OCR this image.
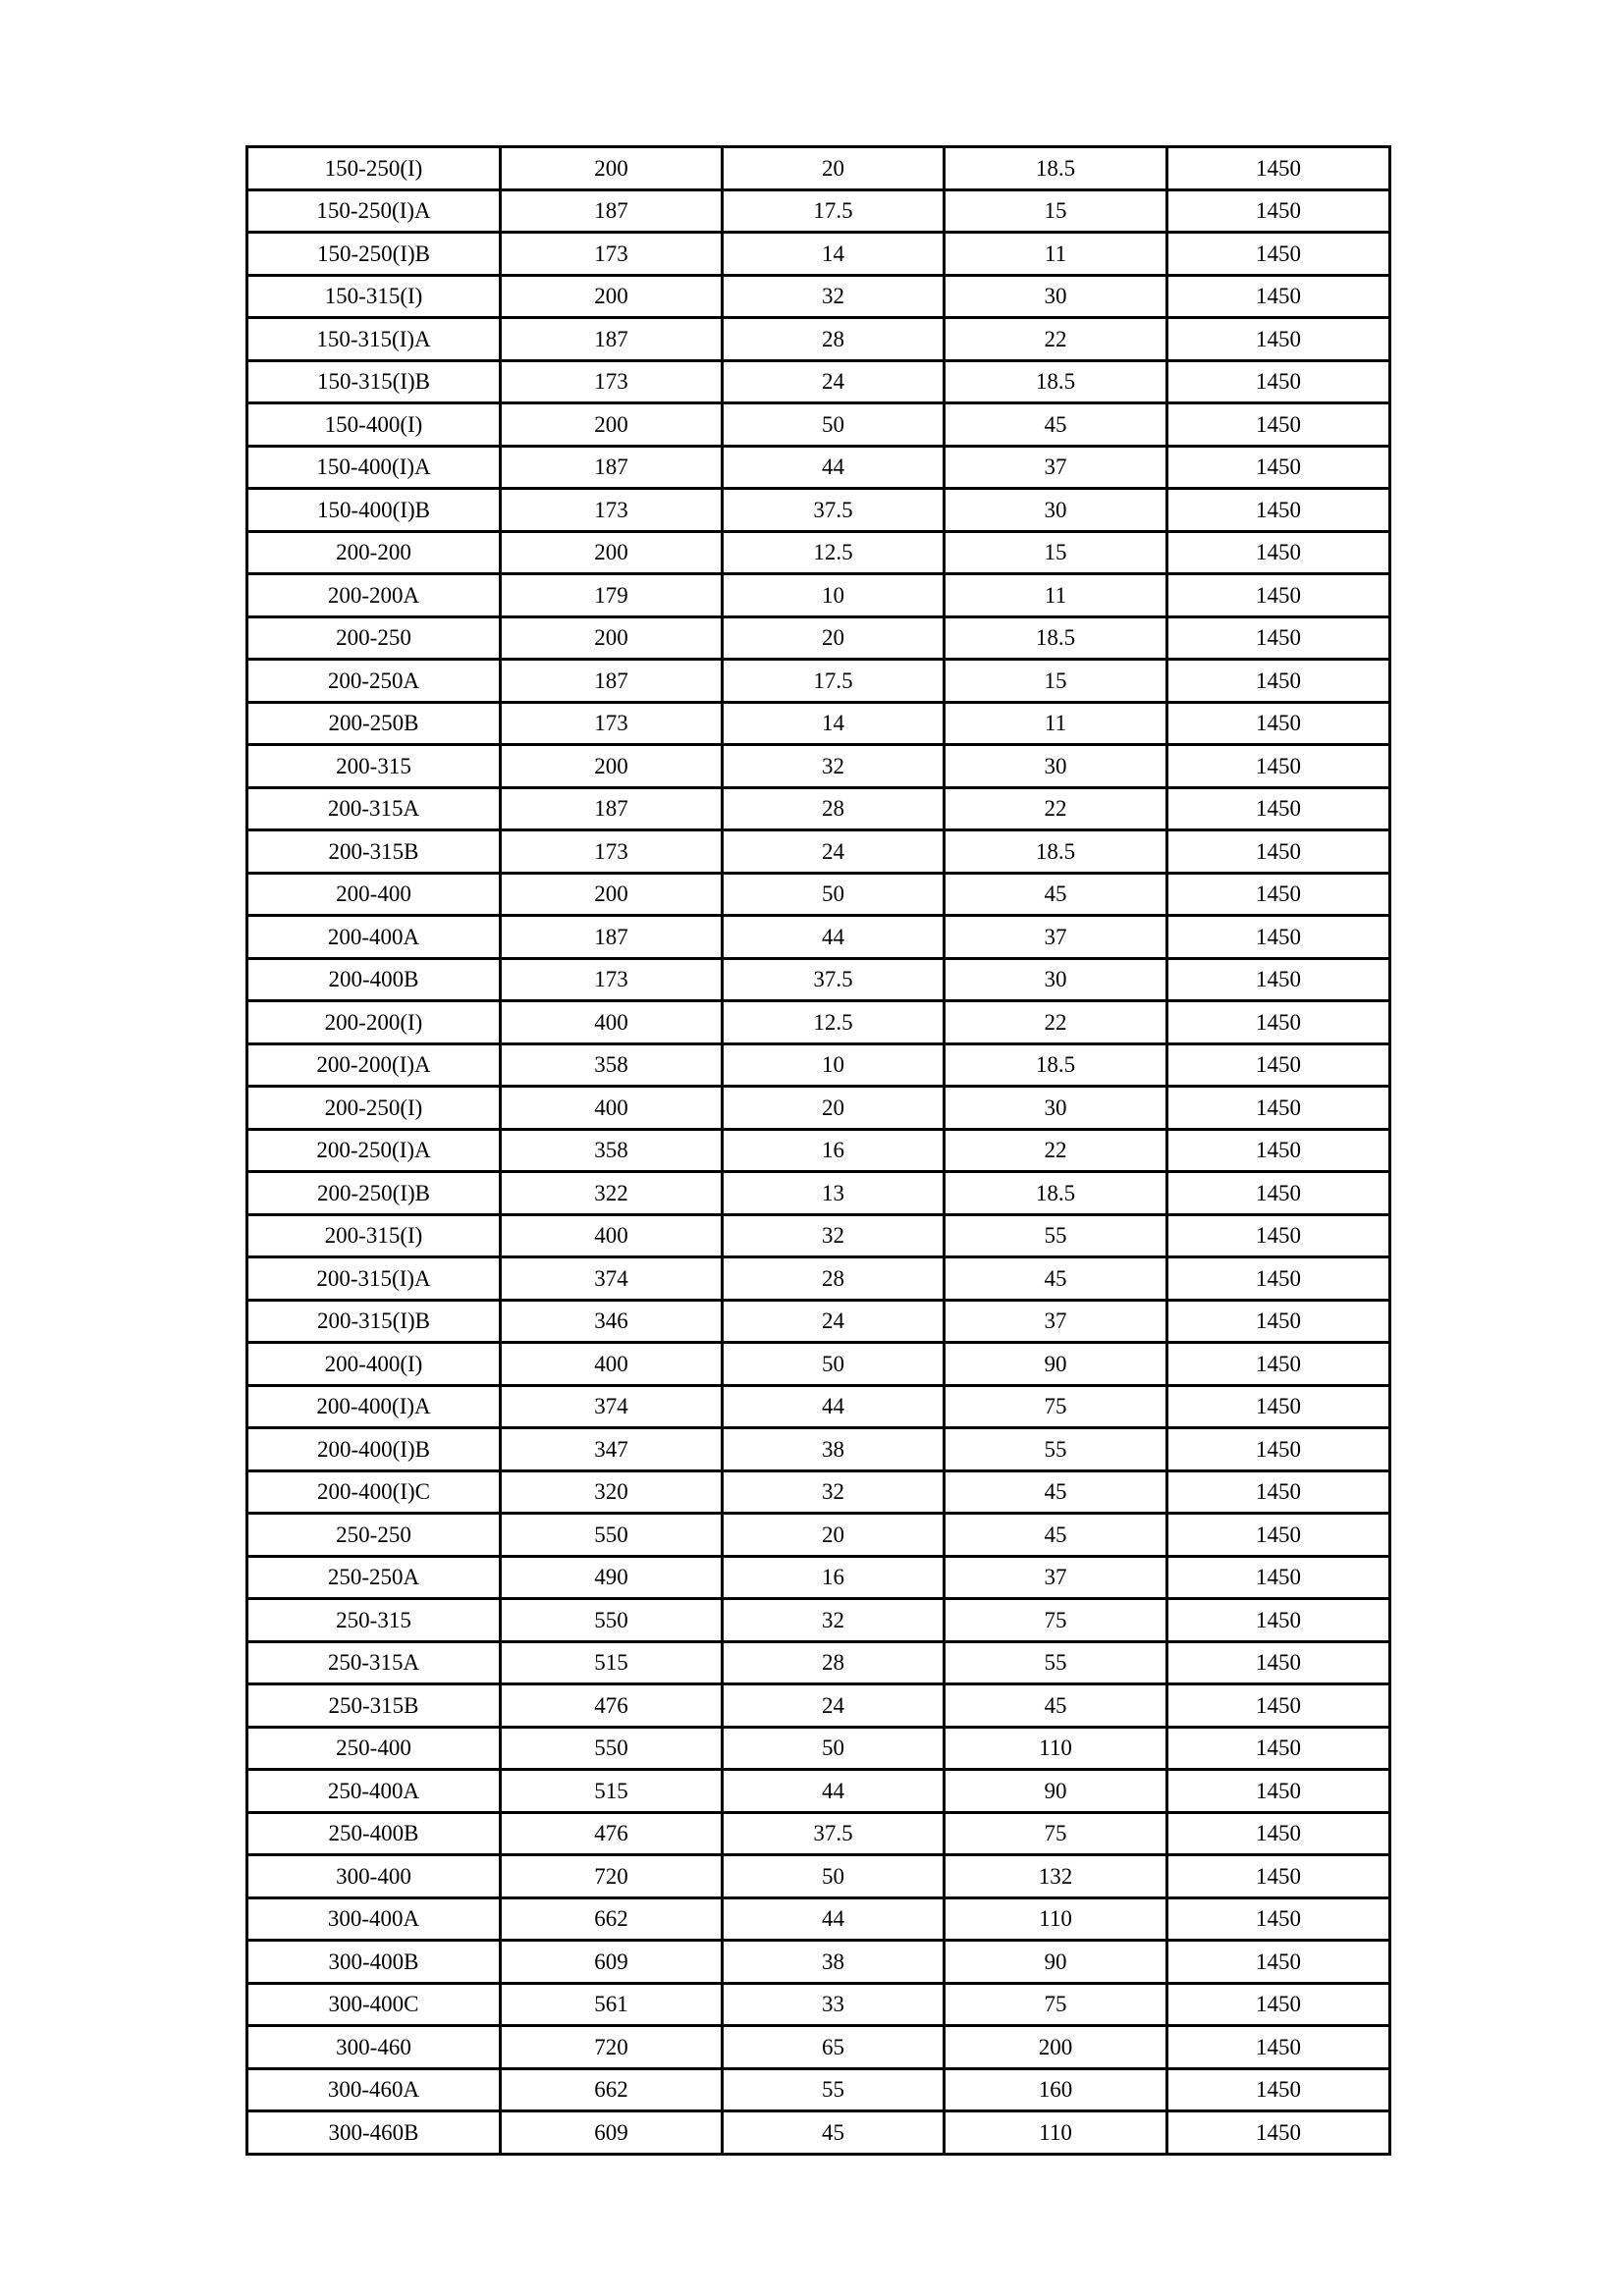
150-250(I)	200	20	18.5	1450
150-250(I)A	187	17.5	15	1450
150-250(I)B	173	14	11	1450
150-315(I)	200	32	30	1450
150-315(I)A	187	28	22	1450
150-315(I)B	173	24	18.5	1450
150-400(I)	200	50	45	1450
150-400(I)A	187	44	37	1450
150-400(I)B	173	37.5	30	1450
200-200	200	12.5	15	1450
200-200A	179	10	11	1450
200-250	200	20	18.5	1450
200-250A	187	17.5	15	1450
200-250B	173	14	11	1450
200-315	200	32	30	1450
200-315A	187	28	22	1450
200-315B	173	24	18.5	1450
200-400	200	50	45	1450
200-400A	187	44	37	1450
200-400B	173	37.5	30	1450
200-200(I)	400	12.5	22	1450
200-200(I)A	358	10	18.5	1450
200-250(I)	400	20	30	1450
200-250(I)A	358	16	22	1450
200-250(I)B	322	13	18.5	1450
200-315(I)	400	32	55	1450
200-315(I)A	374	28	45	1450
200-315(I)B	346	24	37	1450
200-400(I)	400	50	90	1450
200-400(I)A	374	44	75	1450
200-400(I)B	347	38	55	1450
200-400(I)C	320	32	45	1450
250-250	550	20	45	1450
250-250A	490	16	37	1450
250-315	550	32	75	1450
250-315A	515	28	55	1450
250-315B	476	24	45	1450
250-400	550	50	110	1450
250-400A	515	44	90	1450
250-400B	476	37.5	75	1450
300-400	720	50	132	1450
300-400A	662	44	110	1450
300-400B	609	38	90	1450
300-400C	561	33	75	1450
300-460	720	65	200	1450
300-460A	662	55	160	1450
300-460B	609	45	110	1450
